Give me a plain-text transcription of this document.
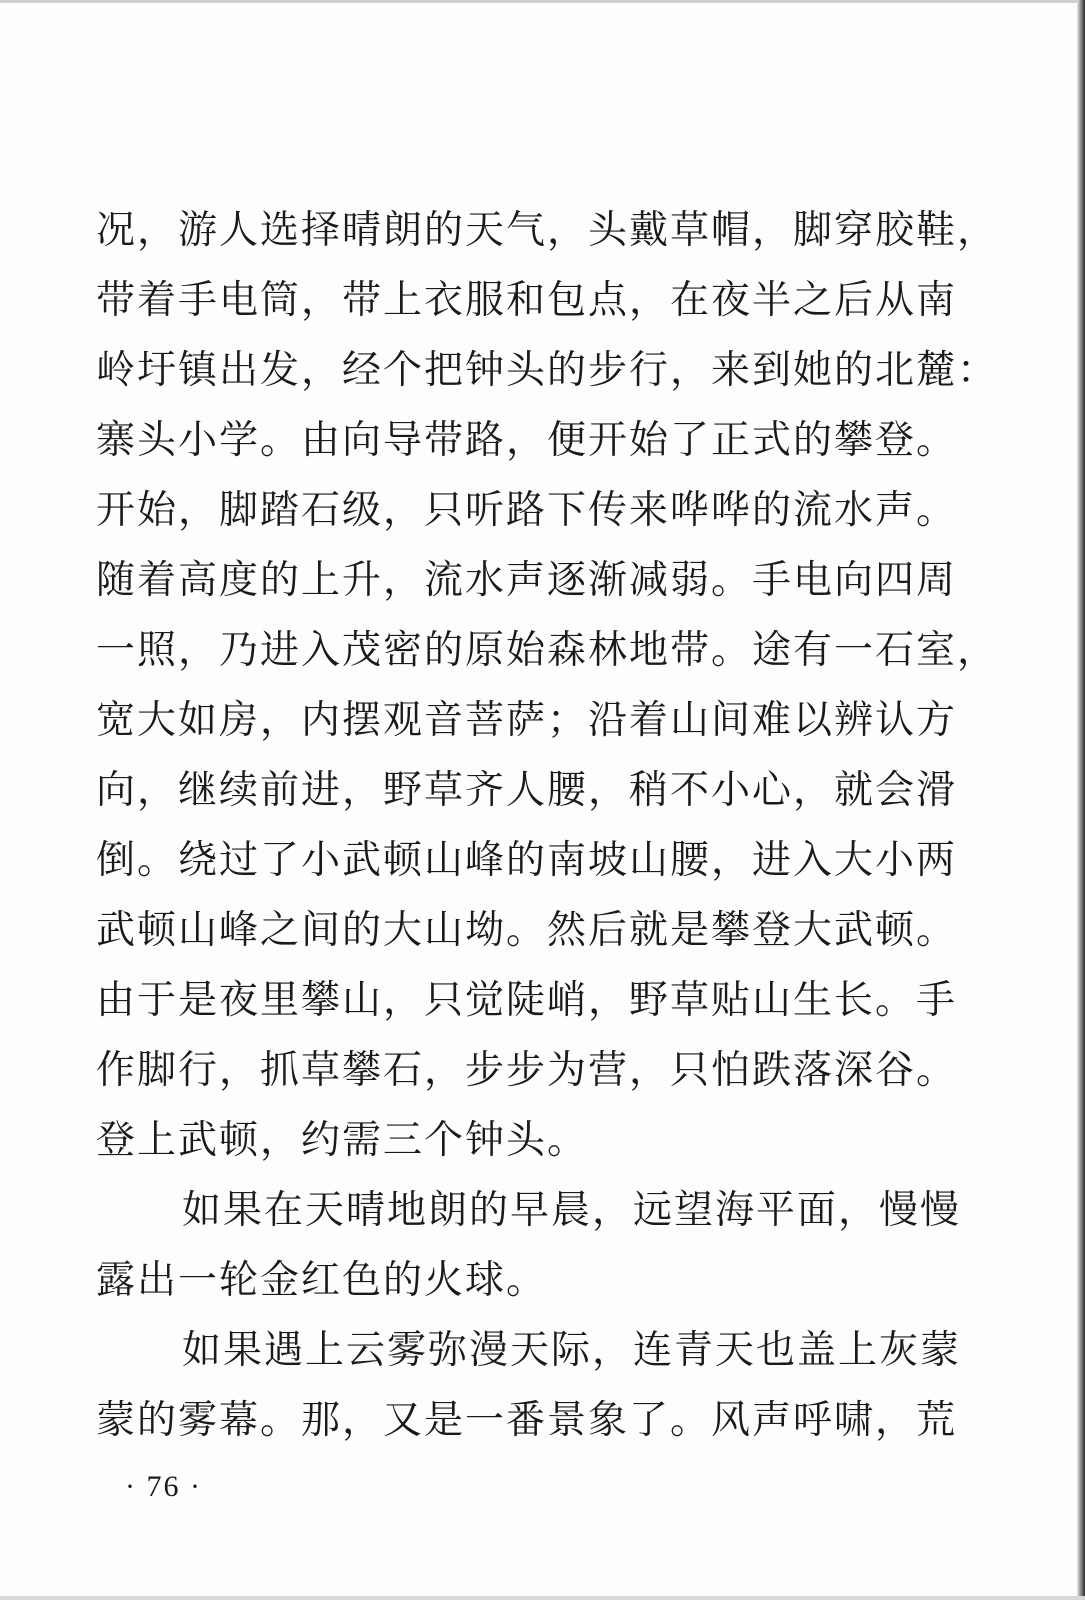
况，游人选择晴朗的天气，头戴草帽，脚穿胶鞋，
带着手电筒，带上衣服和包点，在夜半之后从南
岭圩镇出发，经个把钟头的步行，来到她的北麓：
寨头小学。由向导带路，便开始了正式的攀登。
开始，脚踏石级，只听路下传来哗哗的流水声。
随着高度的上升，流水声逐渐减弱。手电向四周
一照，乃进入茂密的原始森林地带。途有一石室，
宽大如房，内摆观音菩萨；沿着山间难以辨认方
向，继续前进，野草齐人腰，稍不小心，就会滑
倒。绕过了小武顿山峰的南坡山腰，进入大小两
武顿山峰之间的大山坳。然后就是攀登大武顿。
由于是夜里攀山，只觉陡峭，野草贴山生长。手
作脚行，抓草攀石，步步为营，只怕跌落深谷。
登上武顿，约需三个钟头。
如果在天晴地朗的早晨，远望海平面，慢慢
露出一轮金红色的火球。
如果遇上云雾弥漫天际，连青天也盖上灰蒙
蒙的雾幕。那，又是一番景象了。风声呼啸，荒
· 76 ·
